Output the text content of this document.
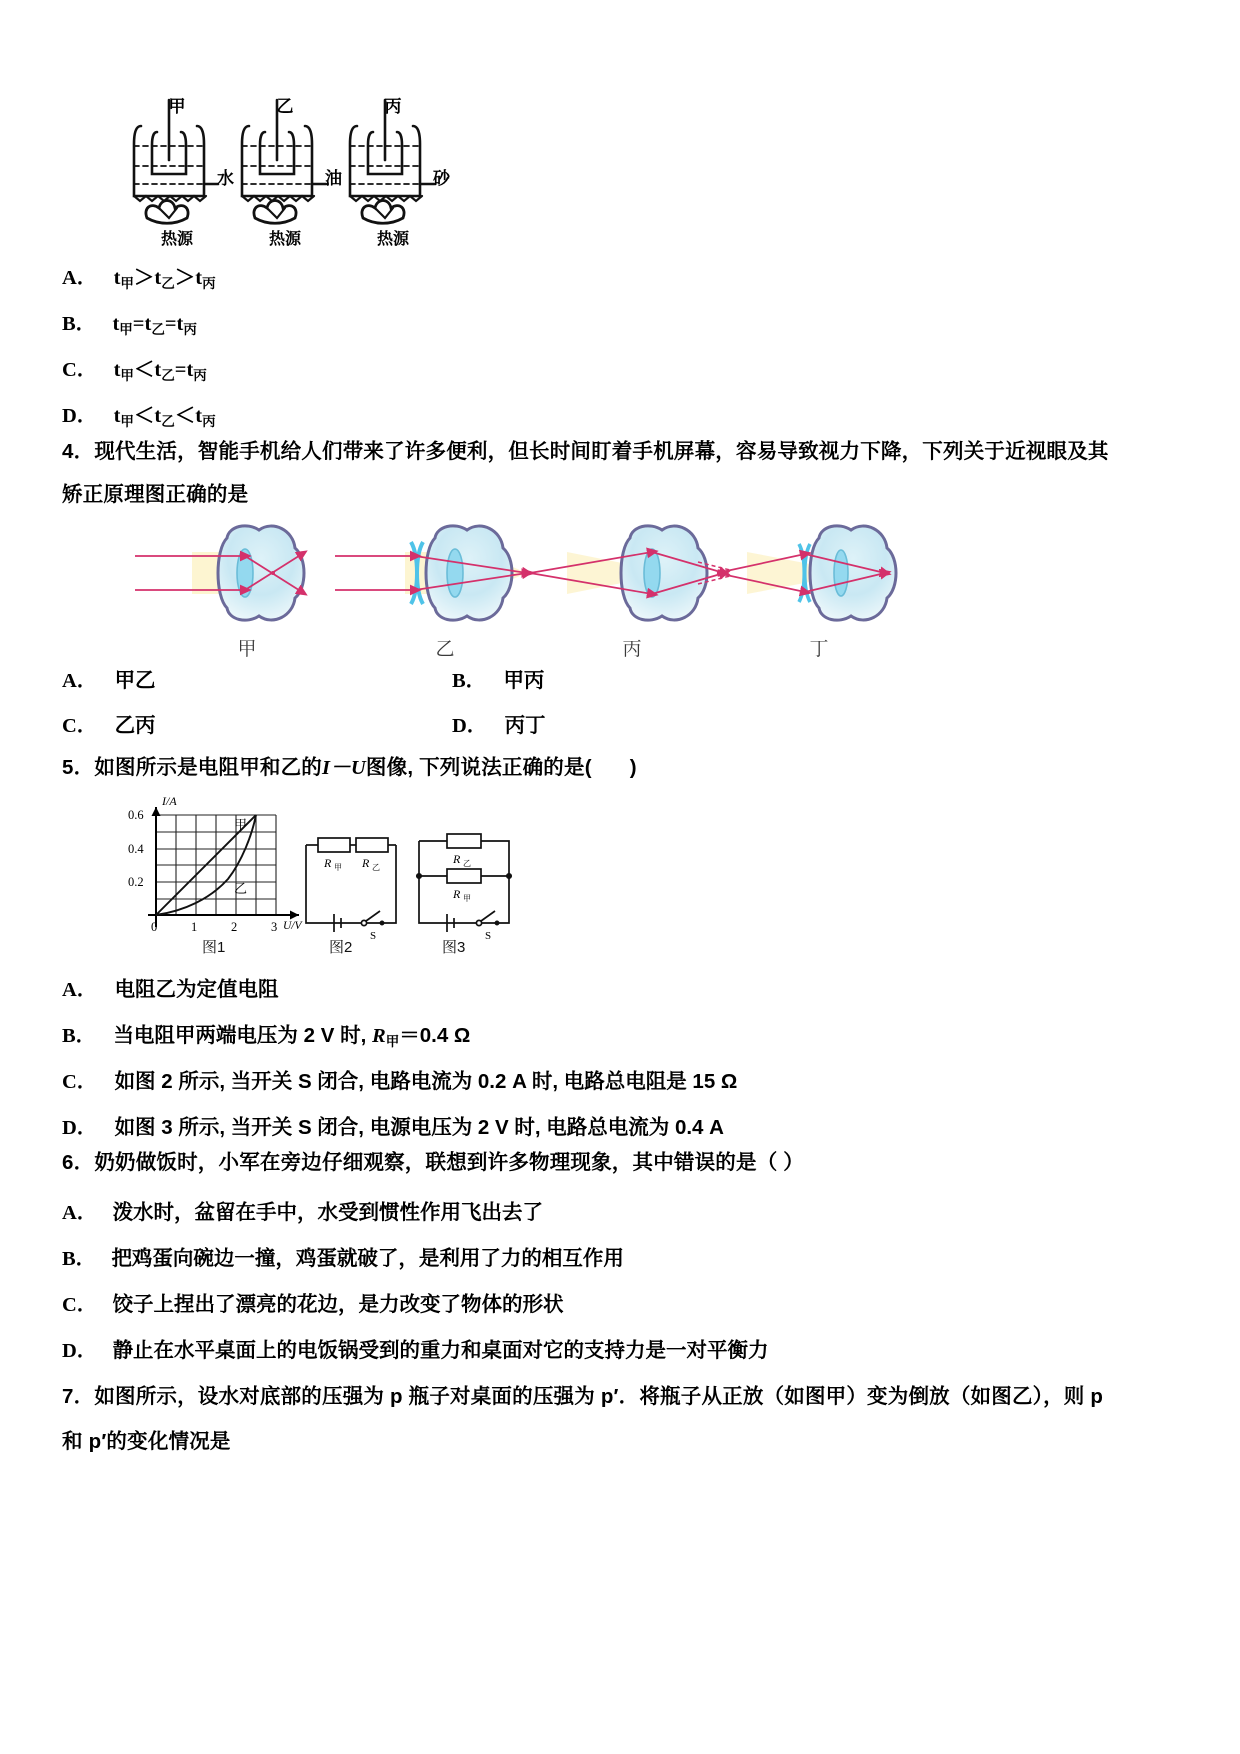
甲
水
热源
乙
油
热源
丙
砂
热源
A． $t_甲>t_乙>t_丙$
B． $t_甲=t_乙=t_丙$
C． $t_甲<t_乙=t_丙$
D． $t_甲<t_乙<t_丙$
4．现代生活，智能手机给人们带来了许多便利，但长时间盯着手机屏幕，容易导致视力下降，下列关于近视眼及其
矫正原理图正确的是
甲	乙	丙	丁
A． 甲乙	B． 甲丙
C． 乙丙	D． 丙丁
5．如图所示是电阻甲和乙的I－U图像, 下列说法正确的是( )
I/A
U/V
0.6
0.4
0.2
0	1	2	3
甲
乙
图1
R 甲 R 乙
S
图2
R 乙
R 甲
S
图3
A． 电阻乙为定值电阻
B． 当电阻甲两端电压为 2 V 时, $R_甲=0.4$ Ω
C． 如图 2 所示, 当开关 S 闭合, 电路电流为 0.2 A 时, 电路总电阻是 15 Ω
D． 如图 3 所示, 当开关 S 闭合, 电源电压为 2 V 时, 电路总电流为 0.4 A
6．奶奶做饭时，小军在旁边仔细观察，联想到许多物理现象，其中错误的是（ ）
A． 泼水时，盆留在手中，水受到惯性作用飞出去了
B． 把鸡蛋向碗边一撞，鸡蛋就破了，是利用了力的相互作用
C． 饺子上捏出了漂亮的花边，是力改变了物体的形状
D． 静止在水平桌面上的电饭锅受到的重力和桌面对它的支持力是一对平衡力
7．如图所示，设水对底部的压强为 p 瓶子对桌面的压强为 p′．将瓶子从正放（如图甲）变为倒放（如图乙），则 p
和 p′的变化情况是
